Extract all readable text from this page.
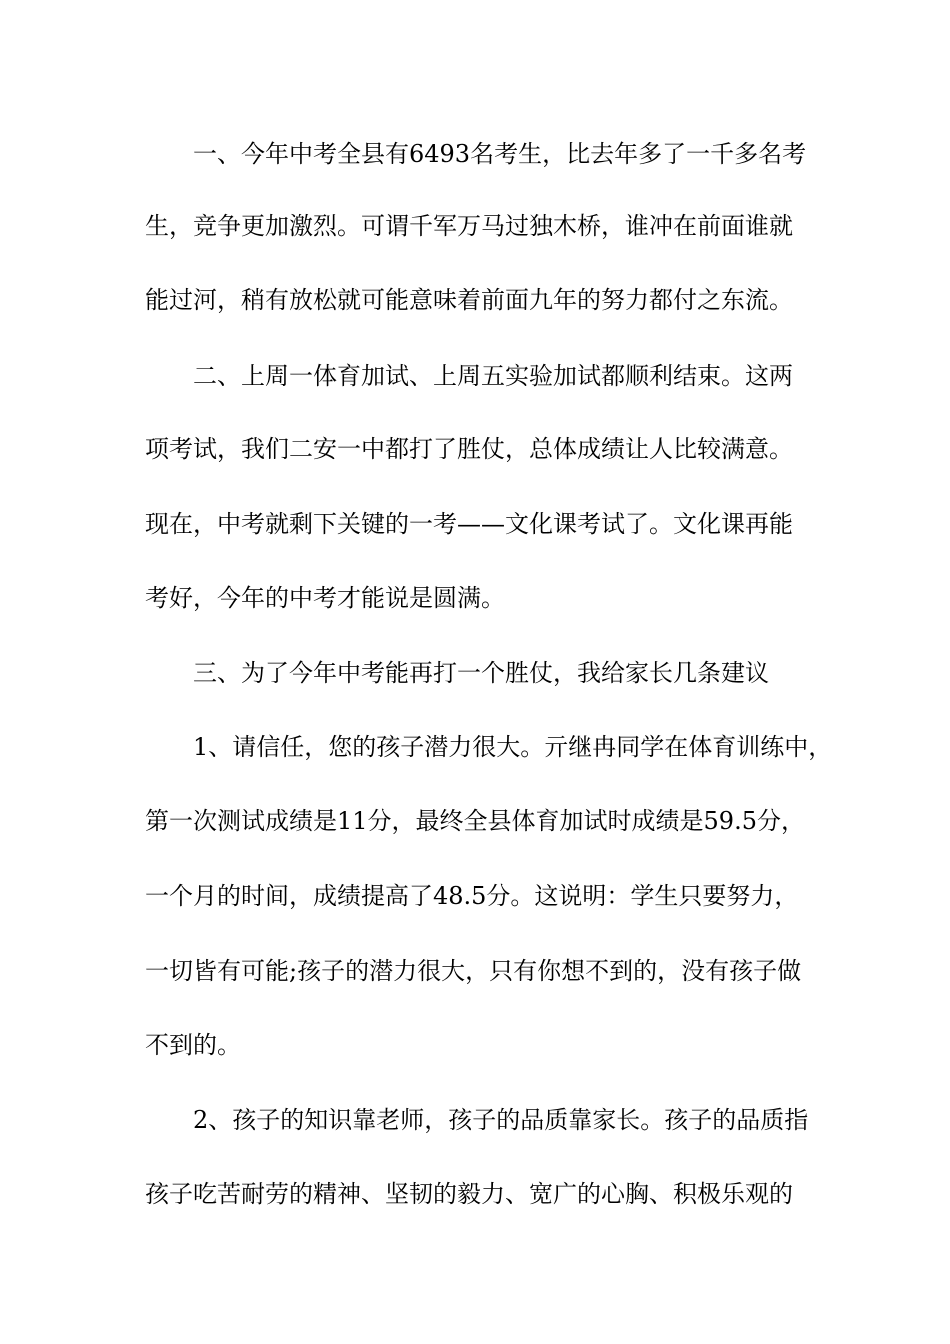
一、今年中考全县有6493名考生，比去年多了一千多名考
生，竞争更加激烈。可谓千军万马过独木桥，谁冲在前面谁就
能过河，稍有放松就可能意味着前面九年的努力都付之东流。
二、上周一体育加试、上周五实验加试都顺利结束。这两
项考试，我们二安一中都打了胜仗，总体成绩让人比较满意。
现在，中考就剩下关键的一考——文化课考试了。文化课再能
考好，今年的中考才能说是圆满。
三、为了今年中考能再打一个胜仗，我给家长几条建议
1、请信任，您的孩子潜力很大。亓继冉同学在体育训练中，
第一次测试成绩是11分，最终全县体育加试时成绩是59.5分，
一个月的时间，成绩提高了48.5分。这说明：学生只要努力，
一切皆有可能;孩子的潜力很大，只有你想不到的，没有孩子做
不到的。
2、孩子的知识靠老师，孩子的品质靠家长。孩子的品质指
孩子吃苦耐劳的精神、坚韧的毅力、宽广的心胸、积极乐观的
